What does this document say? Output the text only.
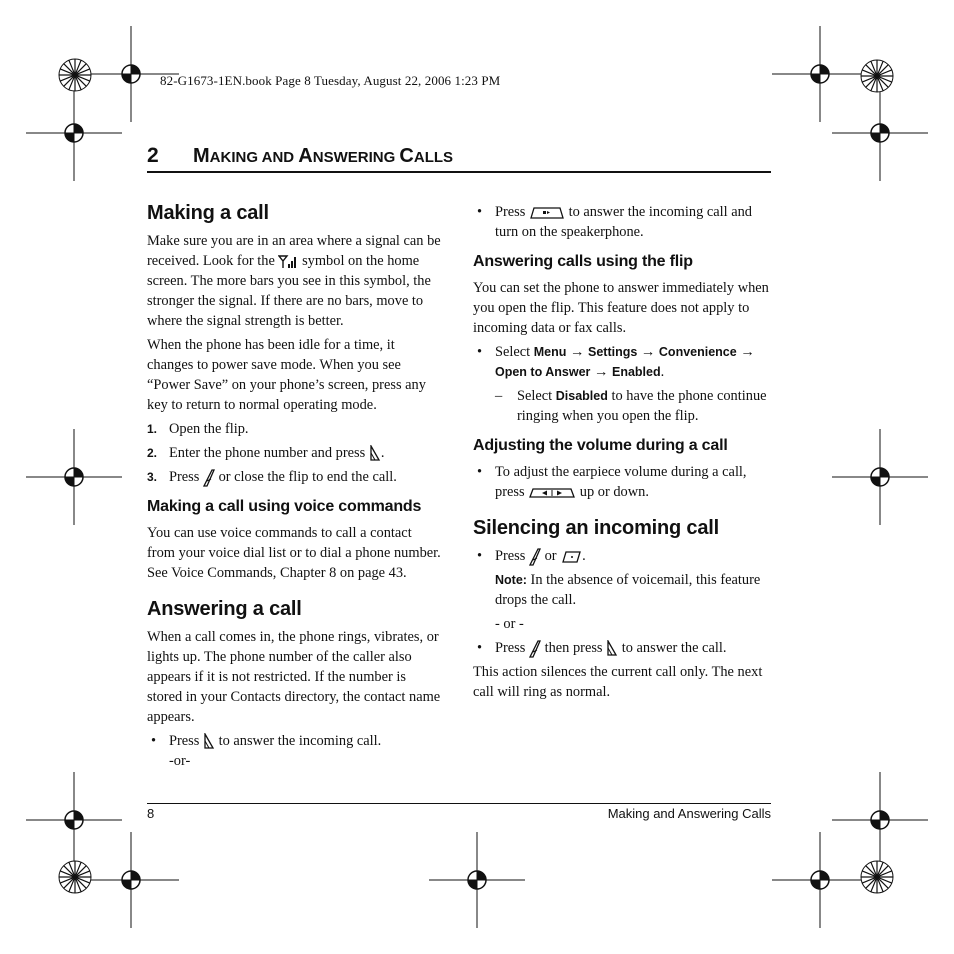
82-G1673-1EN.book Page 8 Tuesday, August 22, 2006 1:23 PM
2 MAKING AND ANSWERING CALLS
Making a call

Make sure you are in an area where a signal can be received. Look for the  symbol on the home screen. The more bars you see in this symbol, the stronger the signal. If there are no bars, move to where the signal strength is better.

When the phone has been idle for a time, it changes to power save mode. When you see “Power Save” on your phone’s screen, press any key to return to normal operating mode.

1. Open the flip.
2. Enter the phone number and press .
3. Press  or close the flip to end the call.
Making a call using voice commands

You can use voice commands to call a contact from your voice dial list or to dial a phone number. See Voice Commands, Chapter 8 on page 43.

Answering a call

When a call comes in, the phone rings, vibrates, or lights up. The phone number of the caller also appears if it is not restricted. If the number is stored in your Contacts directory, the contact name appears.

• Press  to answer the incoming call.
-or-
• Press	to answer the incoming call and turn on the speakerphone.
Answering calls using the flip

You can set the phone to answer immediately when you open the flip. This feature does not apply to incoming data or fax calls.

• Select Menu → Settings → Convenience → Open to Answer → Enabled.

– Select Disabled to have the phone continue ringing when you open the flip.

Adjusting the volume during a call
• To adjust the earpiece volume during a call, press	up or down.
Silencing an incoming call
• Press  or .
Note: In the absence of voicemail, this feature drops the call.
- or -
• Press  then press  to answer the call.

This action silences the current call only. The next call will ring as normal.

8	Making and Answering Calls
